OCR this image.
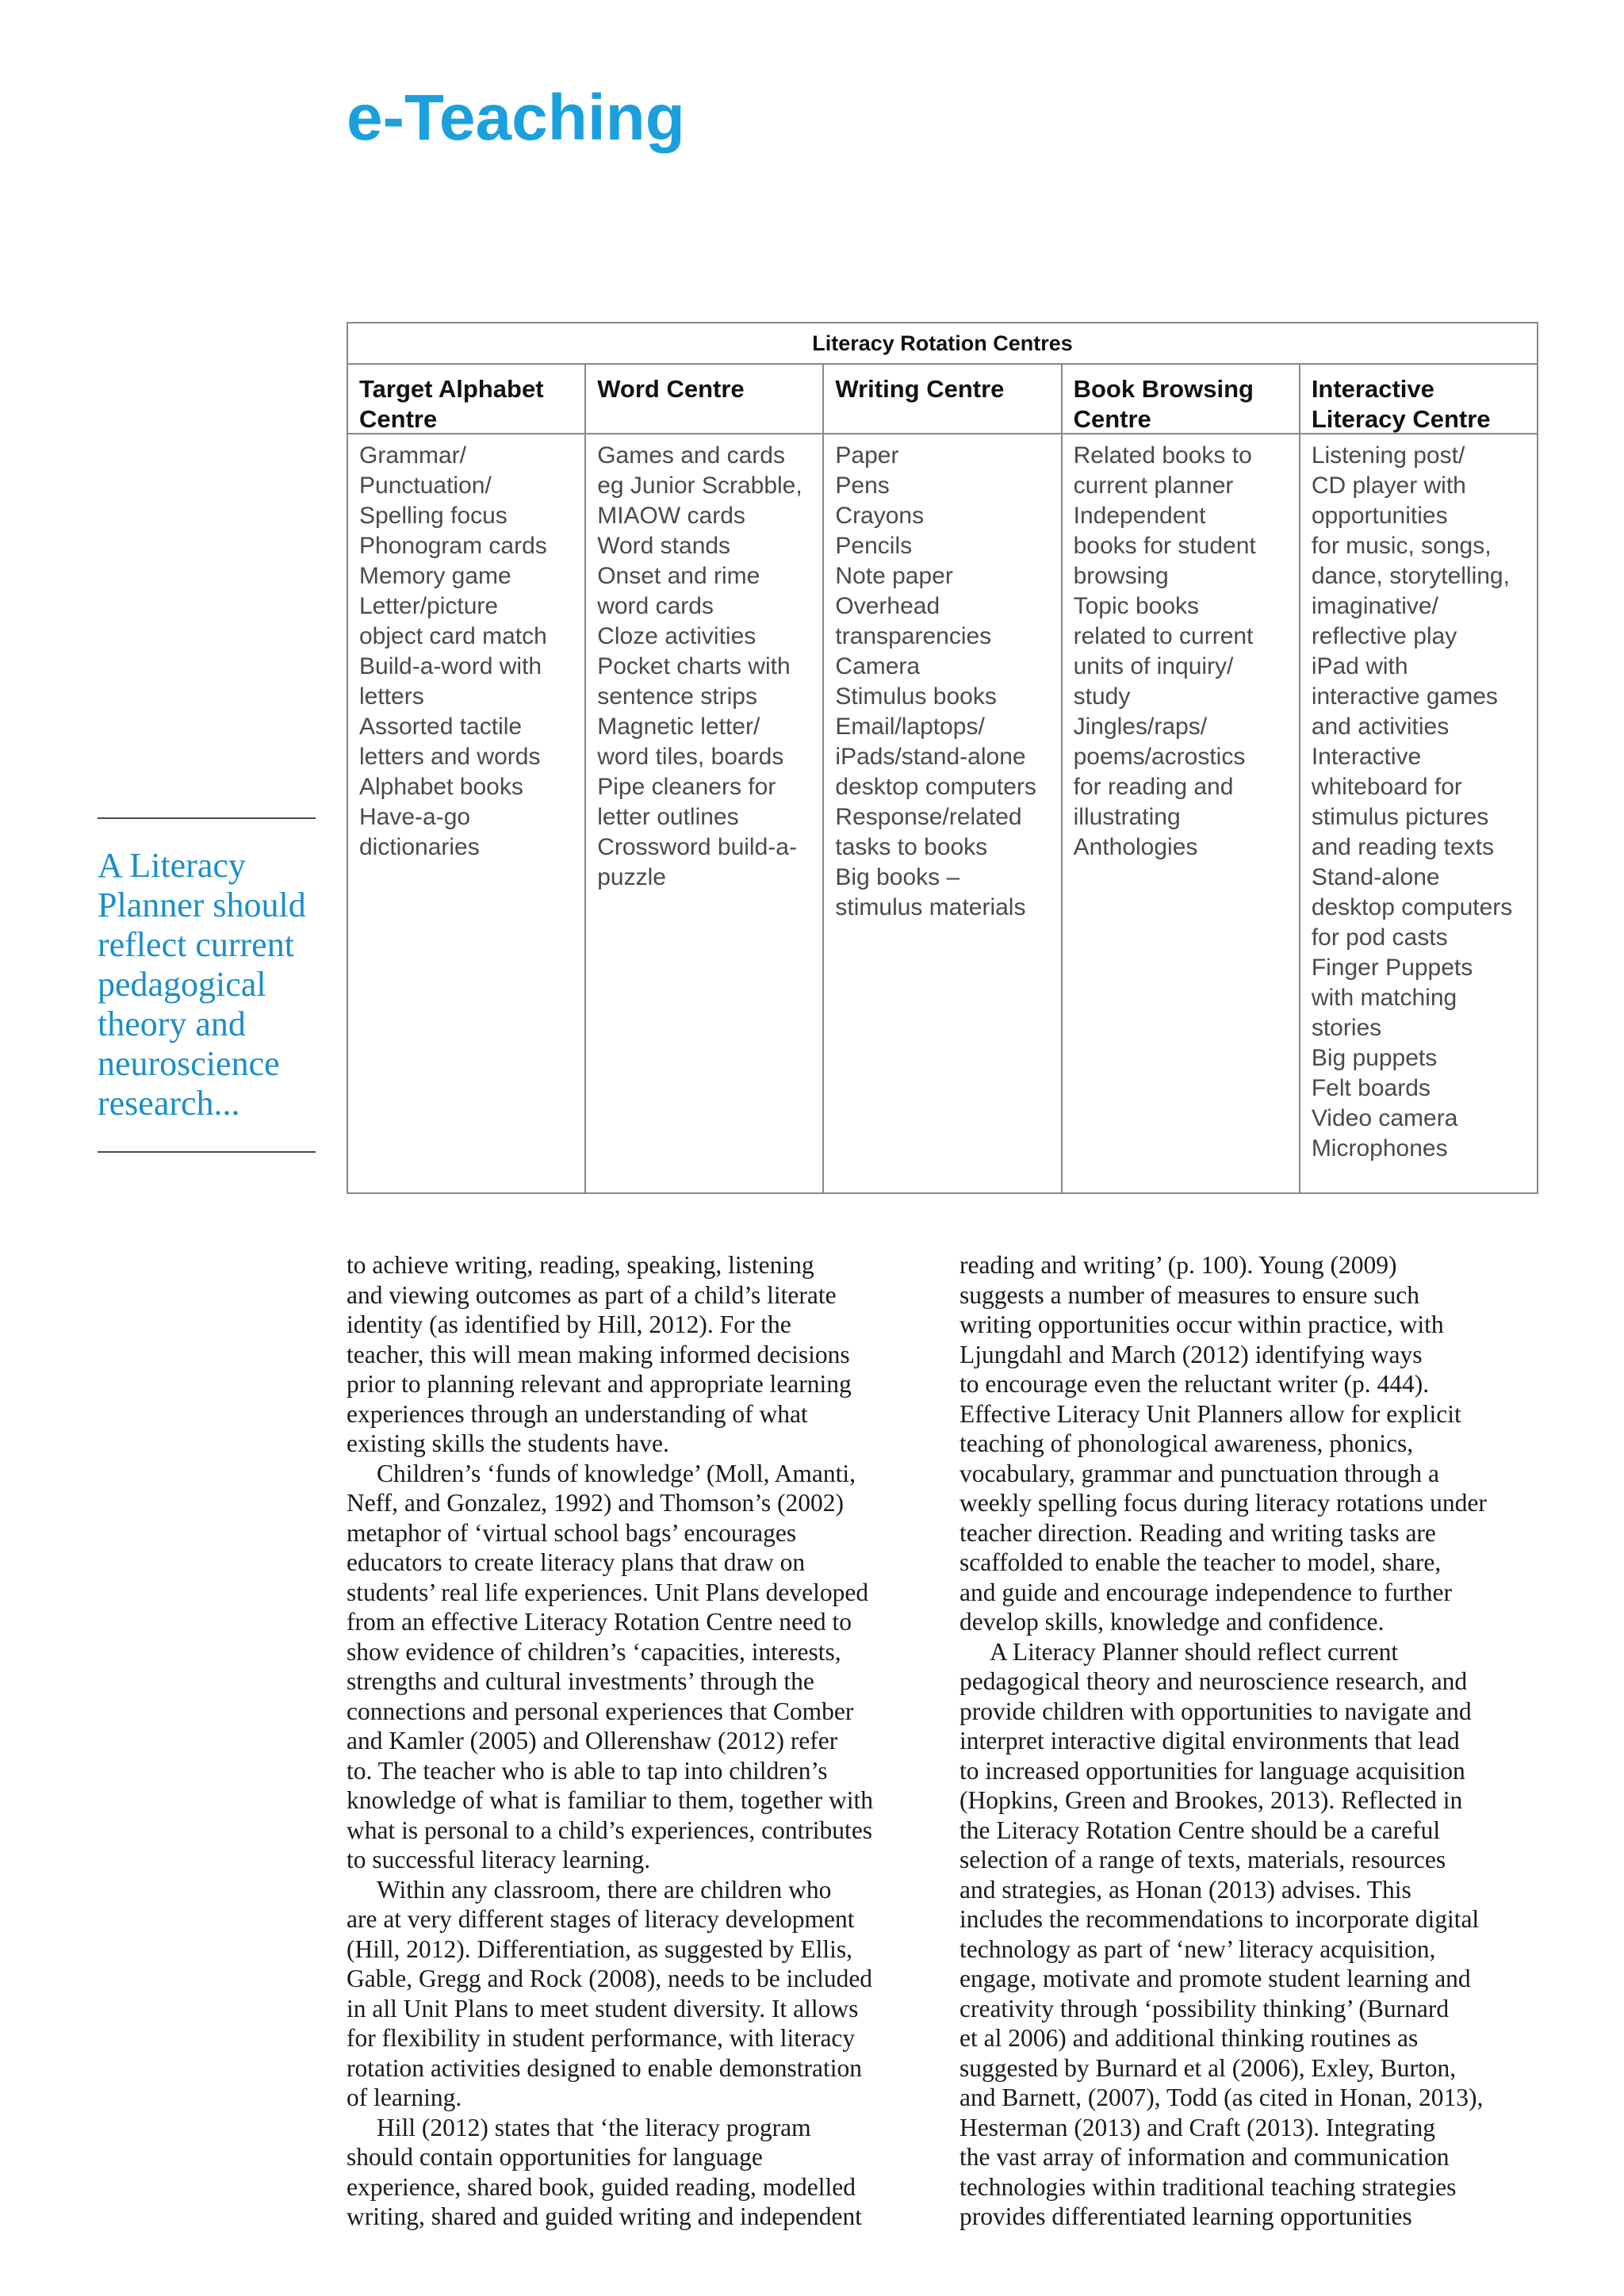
e-Teaching
Literacy Rotation Centres
Target Alphabet
Centre
Grammar/
Punctuation/
Spelling focus
Phonogram cards
Memory game
Letter/picture
object card match
Build-a-word with
letters
Assorted tactile
letters and words
Alphabet books
Have-a-go
dictionaries
Word Centre
Games and cards
eg Junior Scrabble,
MIAOW cards
Word stands
Onset and rime
word cards
Cloze activities
Pocket charts with
sentence strips
Magnetic letter/
word tiles, boards
Pipe cleaners for
letter outlines
Crossword build-a-
puzzle
Writing Centre
Paper
Pens
Crayons
Pencils
Note paper
Overhead
transparencies
Camera
Stimulus books
Email/laptops/
iPads/stand-alone
desktop computers
Response/related
tasks to books
Big books –
stimulus materials
Book Browsing
Centre
Related books to
current planner
Independent
books for student
browsing
Topic books
related to current
units of inquiry/
study
Jingles/raps/
poems/acrostics
for reading and
illustrating
Anthologies
Interactive
Literacy Centre
Listening post/
CD player with
opportunities
for music, songs,
dance, storytelling,
imaginative/
reflective play
iPad with
interactive games
and activities
Interactive
whiteboard for
stimulus pictures
and reading texts
Stand-alone
desktop computers
for pod casts
Finger Puppets
with matching
stories
Big puppets
Felt boards
Video camera
Microphones
A Literacy
Planner should
reflect current
pedagogical
theory and
neuroscience
research...
to achieve writing, reading, speaking, listening
and viewing outcomes as part of a child’s literate
identity (as identified by Hill, 2012). For the
teacher, this will mean making informed decisions
prior to planning relevant and appropriate learning
experiences through an understanding of what
existing skills the students have.
Children’s ‘funds of knowledge’ (Moll, Amanti,
Neff, and Gonzalez, 1992) and Thomson’s (2002)
metaphor of ‘virtual school bags’ encourages
educators to create literacy plans that draw on
students’ real life experiences. Unit Plans developed
from an effective Literacy Rotation Centre need to
show evidence of children’s ‘capacities, interests,
strengths and cultural investments’ through the
connections and personal experiences that Comber
and Kamler (2005) and Ollerenshaw (2012) refer
to. The teacher who is able to tap into children’s
knowledge of what is familiar to them, together with
what is personal to a child’s experiences, contributes
to successful literacy learning.
Within any classroom, there are children who
are at very different stages of literacy development
(Hill, 2012). Differentiation, as suggested by Ellis,
Gable, Gregg and Rock (2008), needs to be included
in all Unit Plans to meet student diversity. It allows
for flexibility in student performance, with literacy
rotation activities designed to enable demonstration
of learning.
Hill (2012) states that ‘the literacy program
should contain opportunities for language
experience, shared book, guided reading, modelled
writing, shared and guided writing and independent
reading and writing’ (p. 100). Young (2009)
suggests a number of measures to ensure such
writing opportunities occur within practice, with
Ljungdahl and March (2012) identifying ways
to encourage even the reluctant writer (p. 444).
Effective Literacy Unit Planners allow for explicit
teaching of phonological awareness, phonics,
vocabulary, grammar and punctuation through a
weekly spelling focus during literacy rotations under
teacher direction. Reading and writing tasks are
scaffolded to enable the teacher to model, share,
and guide and encourage independence to further
develop skills, knowledge and confidence.
A Literacy Planner should reflect current
pedagogical theory and neuroscience research, and
provide children with opportunities to navigate and
interpret interactive digital environments that lead
to increased opportunities for language acquisition
(Hopkins, Green and Brookes, 2013). Reflected in
the Literacy Rotation Centre should be a careful
selection of a range of texts, materials, resources
and strategies, as Honan (2013) advises. This
includes the recommendations to incorporate digital
technology as part of ‘new’ literacy acquisition,
engage, motivate and promote student learning and
creativity through ‘possibility thinking’ (Burnard
et al 2006) and additional thinking routines as
suggested by Burnard et al (2006), Exley, Burton,
and Barnett, (2007), Todd (as cited in Honan, 2013),
Hesterman (2013) and Craft (2013). Integrating
the vast array of information and communication
technologies within traditional teaching strategies
provides differentiated learning opportunities
